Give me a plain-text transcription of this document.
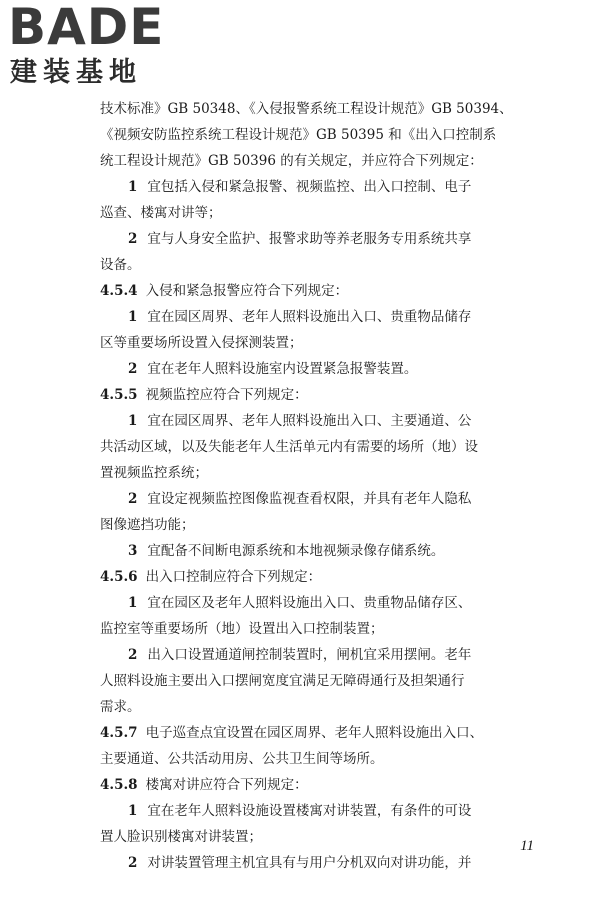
BADE
建装基地

技术标准》GB 50348、《入侵报警系统工程设计规范》GB 50394、

《视频安防监控系统工程设计规范》GB 50395 和《出入口控制系

统工程设计规范》GB 50396 的有关规定，并应符合下列规定：

1 宜包括入侵和紧急报警、视频监控、出入口控制、电子

巡查、楼寓对讲等；

2 宜与人身安全监护、报警求助等养老服务专用系统共享

设备。

4.5.4 入侵和紧急报警应符合下列规定：

1 宜在园区周界、老年人照料设施出入口、贵重物品储存

区等重要场所设置入侵探测装置；

2 宜在老年人照料设施室内设置紧急报警装置。

4.5.5 视频监控应符合下列规定：

1 宜在园区周界、老年人照料设施出入口、主要通道、公

共活动区域，以及失能老年人生活单元内有需要的场所（地）设

置视频监控系统；

2 宜设定视频监控图像监视查看权限，并具有老年人隐私

图像遮挡功能；

3 宜配备不间断电源系统和本地视频录像存储系统。

4.5.6 出入口控制应符合下列规定：

1 宜在园区及老年人照料设施出入口、贵重物品储存区、

监控室等重要场所（地）设置出入口控制装置；

2 出入口设置通道闸控制装置时，闸机宜采用摆闸。老年

人照料设施主要出入口摆闸宽度宜满足无障碍通行及担架通行

需求。

4.5.7 电子巡查点宜设置在园区周界、老年人照料设施出入口、

主要通道、公共活动用房、公共卫生间等场所。

4.5.8 楼寓对讲应符合下列规定：

1 宜在老年人照料设施设置楼寓对讲装置，有条件的可设

置人脸识别楼寓对讲装置；

2 对讲装置管理主机宜具有与用户分机双向对讲功能，并

11
